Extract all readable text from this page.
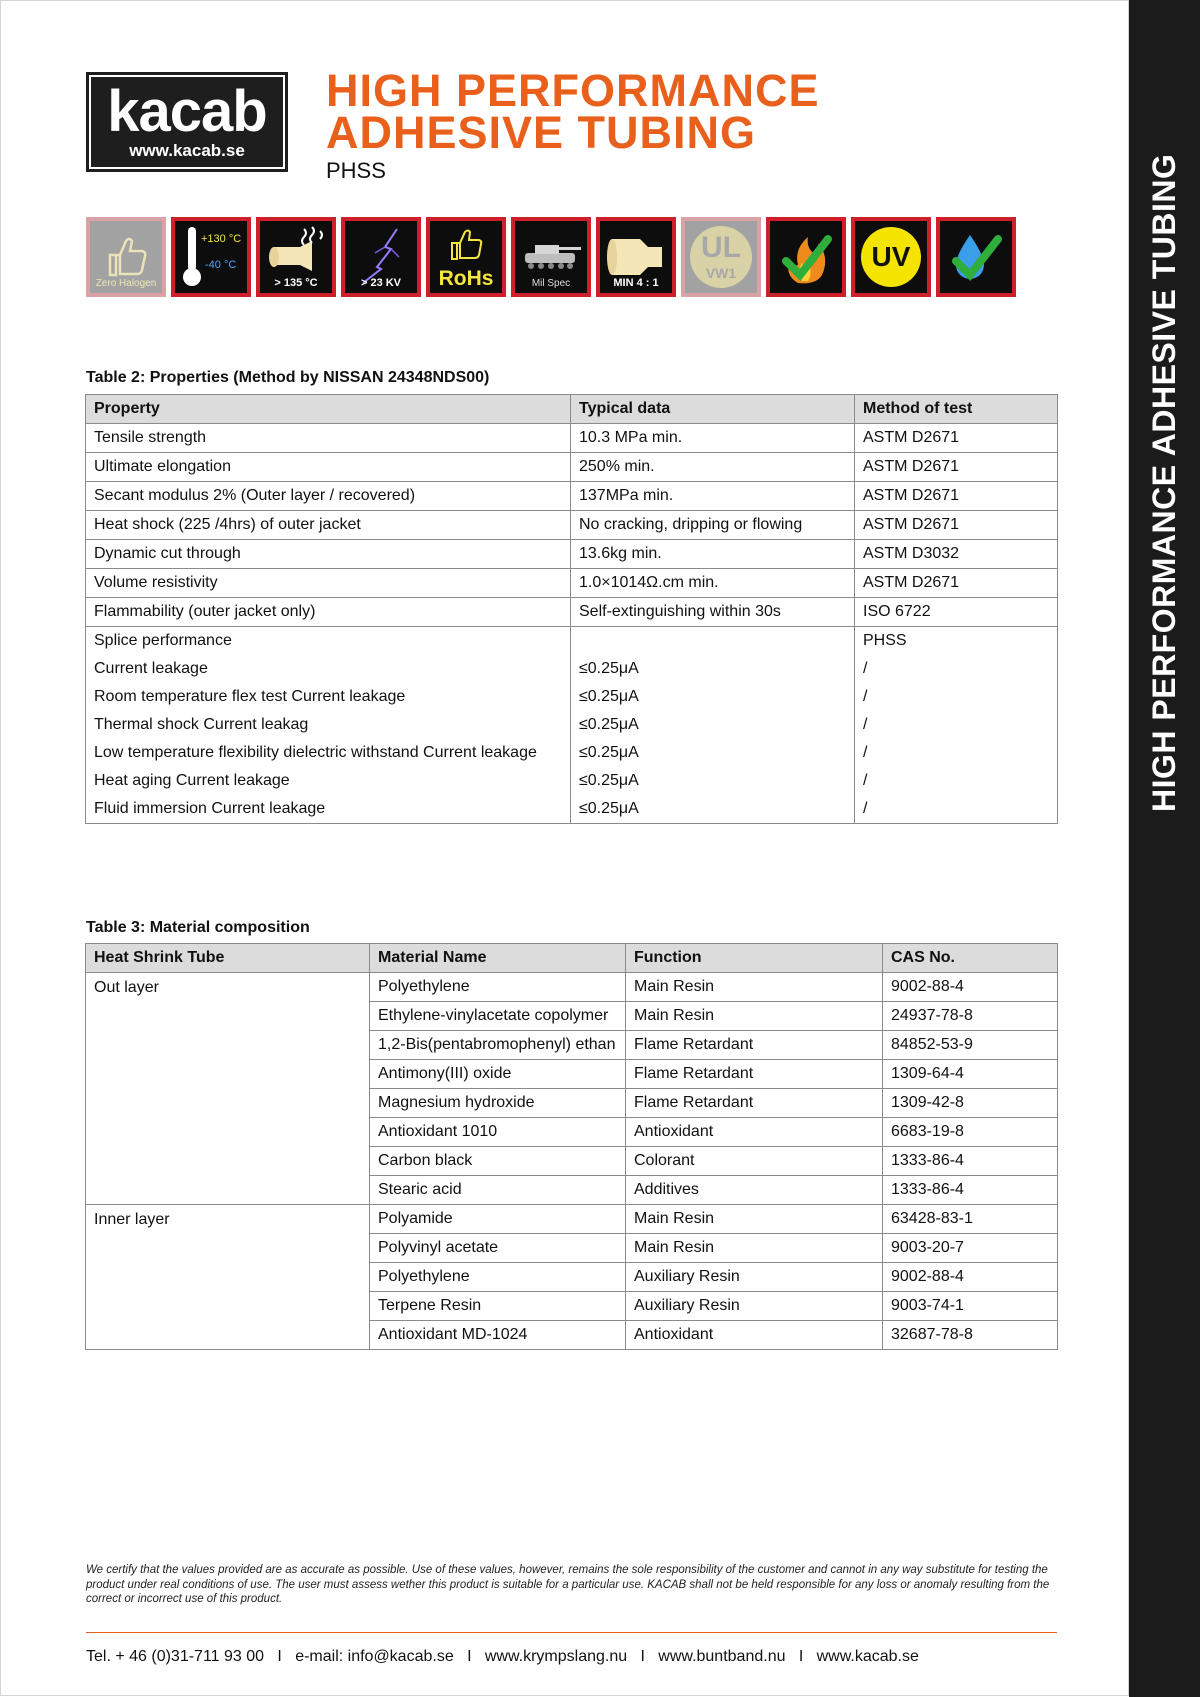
HIGH PERFORMANCE ADHESIVE TUBING
kacab
www.kacab.se
HIGH PERFORMANCE
ADHESIVE TUBING
PHSS
Zero Halogen
+130 °C
-40 °C
> 135 °C	> 23 KV	RoHs	Mil Spec	MIN 4 : 1
UL
VW1
UV
Table 2: Properties (Method by NISSAN 24348NDS00)
Property	Typical data	Method of test
Tensile strength	10.3 MPa min.	ASTM D2671
Ultimate elongation	250% min.	ASTM D2671
Secant modulus 2% (Outer layer / recovered)	137MPa min.	ASTM D2671
Heat shock (225 /4hrs) of outer jacket	No cracking, dripping or flowing	ASTM D2671
Dynamic cut through	13.6kg min.	ASTM D3032
Volume resistivity	1.0×1014Ω.cm min.	ASTM D2671
Flammability (outer jacket only)	Self-extinguishing within 30s	ISO 6722
Splice performance		PHSS
Current leakage	≤0.25μA	/
Room temperature flex test Current leakage	≤0.25μA	/
Thermal shock Current leakag	≤0.25μA	/
Low temperature flexibility dielectric withstand Current leakage	≤0.25μA	/
Heat aging Current leakage	≤0.25μA	/
Fluid immersion Current leakage	≤0.25μA	/
Table 3: Material composition
Heat Shrink Tube	Material Name	Function	CAS No.
Out layer	Polyethylene	Main Resin	9002-88-4
	Ethylene-vinylacetate copolymer	Main Resin	24937-78-8
	1,2-Bis(pentabromophenyl) ethan	Flame Retardant	84852-53-9
	Antimony(III) oxide	Flame Retardant	1309-64-4
	Magnesium hydroxide	Flame Retardant	1309-42-8
	Antioxidant 1010	Antioxidant	6683-19-8
	Carbon black	Colorant	1333-86-4
	Stearic acid	Additives	1333-86-4
Inner layer	Polyamide	Main Resin	63428-83-1
	Polyvinyl acetate	Main Resin	9003-20-7
	Polyethylene	Auxiliary Resin	9002-88-4
	Terpene Resin	Auxiliary Resin	9003-74-1
	Antioxidant MD-1024	Antioxidant	32687-78-8
We certify that the values provided are as accurate as possible. Use of these values, however, remains the sole responsibility of the customer and cannot in any way substitute for testing the product under real conditions of use. The user must assess wether this product is suitable for a particular use. KACAB shall not be held responsible for any loss or anomaly resulting from the correct or incorrect use of this product.
Tel. + 46 (0)31-711 93 00 I e-mail: info@kacab.se I www.krympslang.nu I www.buntband.nu I www.kacab.se
